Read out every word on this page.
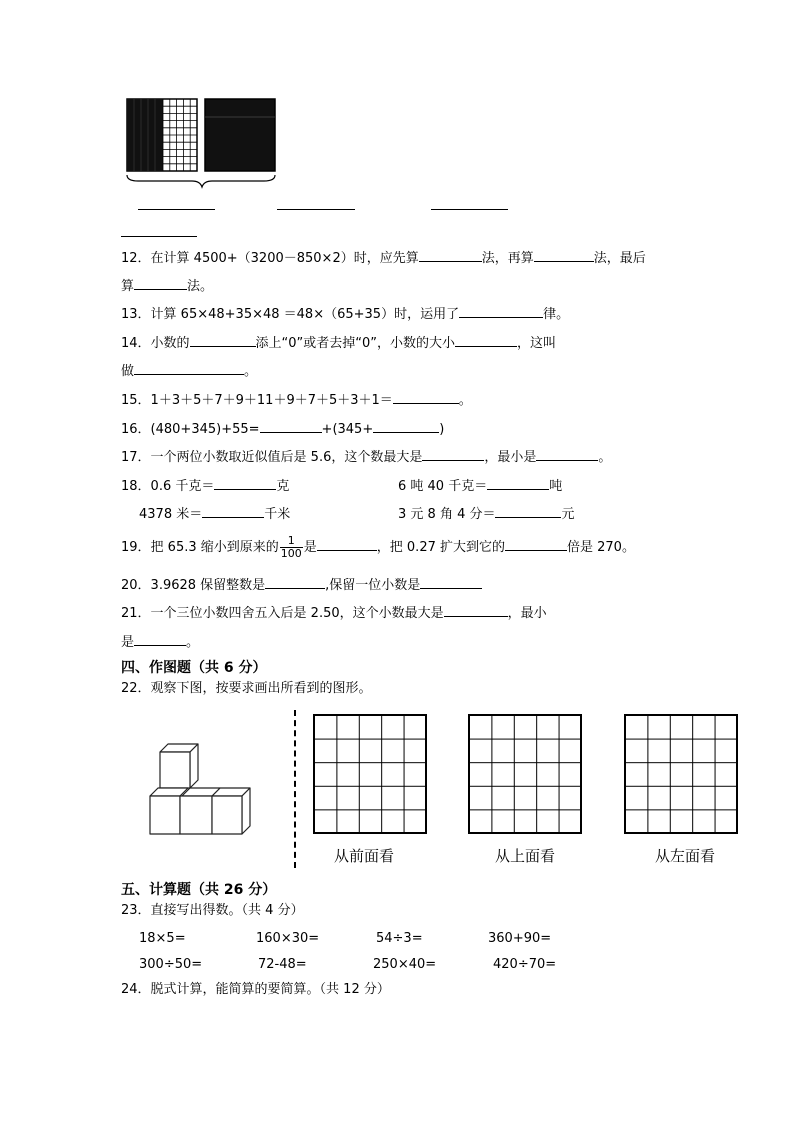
12．在计算 4500+（3200－850×2）时，应先算	法，再算	法，最后
算	法。
13．计算 65×48+35×48 ＝48×（65+35）时，运用了	律。
14．小数的	添上“0”或者去掉“0”，小数的大小	，这叫
做	。
15．1＋3＋5＋7＋9＋11＋9＋7＋5＋3＋1＝	。
16．(480+345)+55=	+(345+	)
17．一个两位小数取近似值后是 5.6，这个数最大是	，最小是	。
18．0.6 千克＝	克	6 吨 40 千克＝	吨
4378 米＝	千米	3 元 8 角 4 分＝	元
19．把 65.3 缩小到原来的 $\frac{1}{100}$ 是	，把 0.27 扩大到它的	倍是 270。
20．3.9628 保留整数是	,保留一位小数是
21．一个三位小数四舍五入后是 2.50，这个小数最大是	，最小
是	。
四、作图题（共 6 分）
22．观察下图，按要求画出所看到的图形。
从前面看	从上面看	从左面看
五、计算题（共 26 分）
23．直接写出得数。（共 4 分）
18×5=	160×30=	54÷3=	360+90=
300÷50=	72-48=	250×40=	420÷70=
24．脱式计算，能简算的要简算。（共 12 分）
